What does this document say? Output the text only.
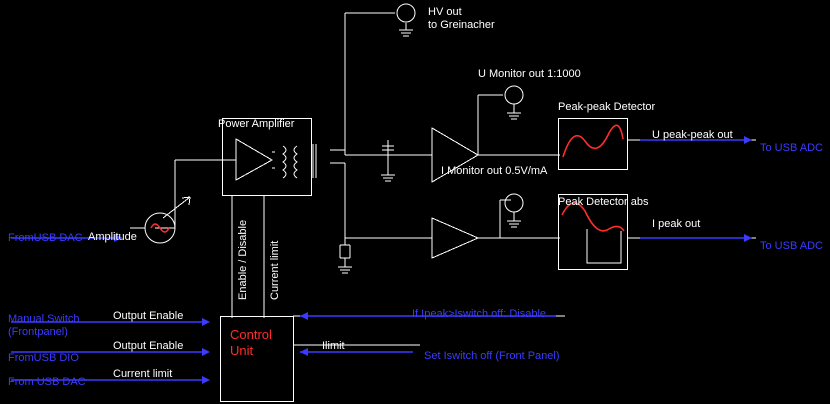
HV out
to Greinacher
U Monitor out 1:1000
I Monitor out 0.5V/mA
Peak-peak Detector
Peak Detector abs
Power Amplifier
U peak-peak out
I peak out
To USB ADC
To USB ADC
FromUSB DAC Amplitude	Enable / Disable Current limit
Manual Switch
(Frontpanel)
FromUSB DIO
From USB DAC
Output Enable
Output Enable
Current limit
Ilimit
If Ipeak>Iswitch off: Disable
Set Iswitch off (Front Panel)
Control
Unit
